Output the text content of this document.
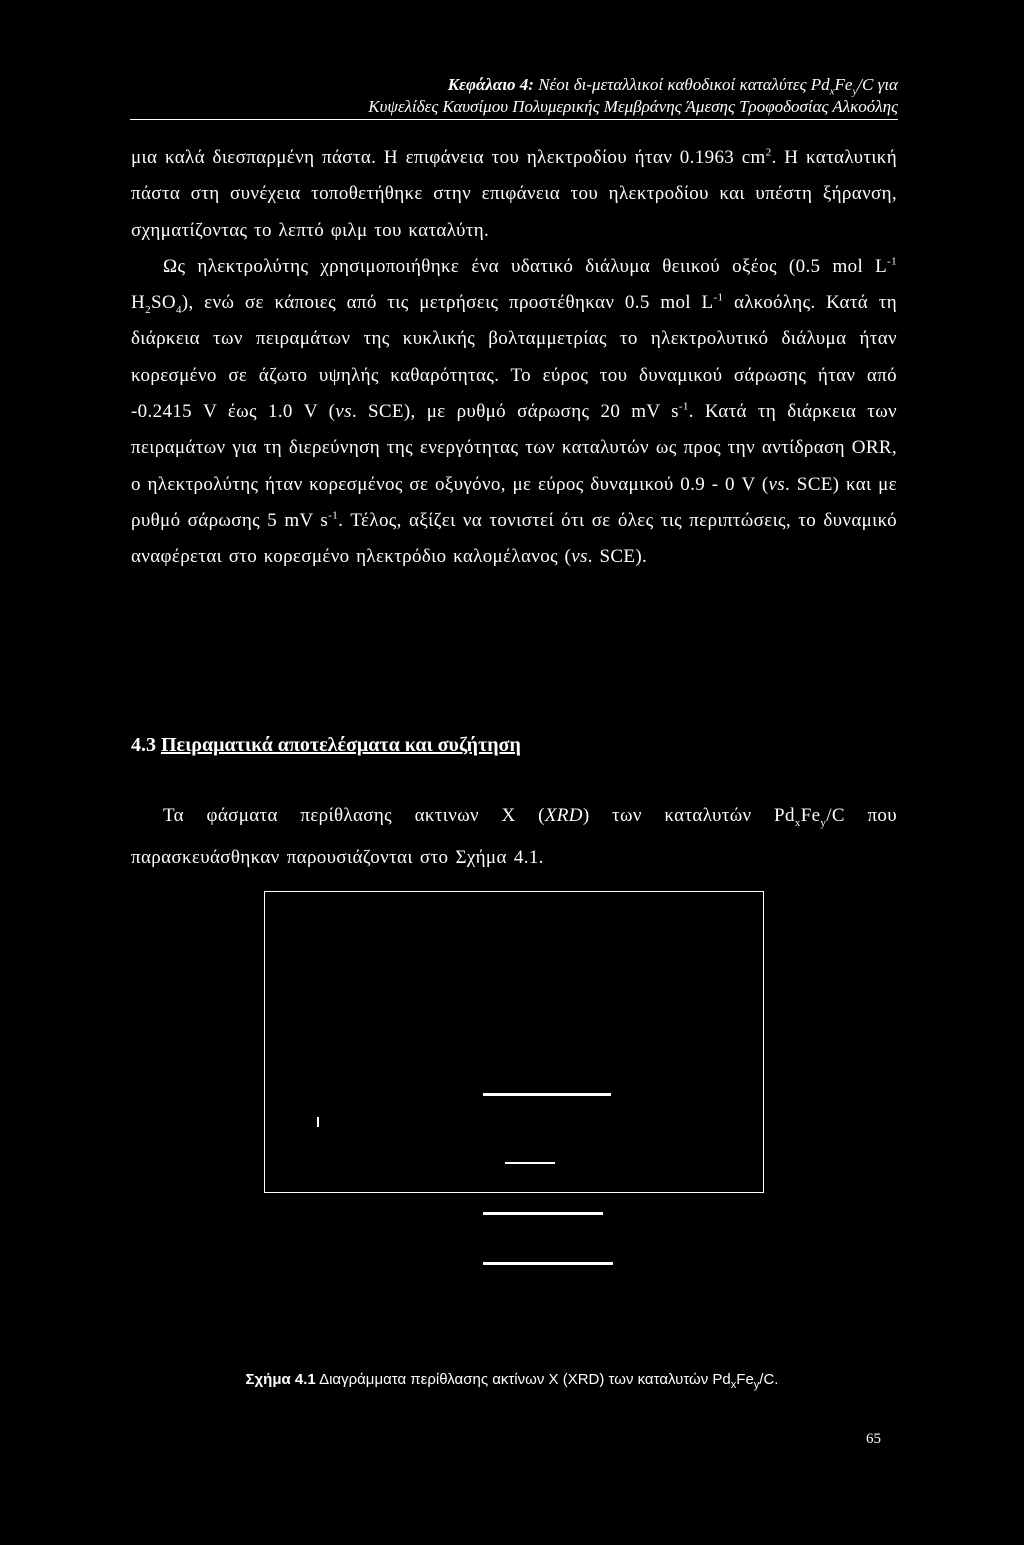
Κεφάλαιο 4: Νέοι δι-μεταλλικοί καθοδικοί καταλύτες $Pd_xFe_y/C$ για
Κυψελίδες Καυσίμου Πολυμερικής Μεμβράνης Άμεσης Τροφοδοσίας Αλκοόλης

μια καλά διεσπαρμένη πάστα. Η επιφάνεια του ηλεκτροδίου ήταν 0.1963 $cm^2$. Η καταλυτική πάστα στη συνέχεια τοποθετήθηκε στην επιφάνεια του ηλεκτροδίου και υπέστη ξήρανση, σχηματίζοντας το λεπτό φιλμ του καταλύτη.

Ως ηλεκτρολύτης χρησιμοποιήθηκε ένα υδατικό διάλυμα θειικού οξέος (0.5 mol $L^{-1}$ $H_2SO_4$), ενώ σε κάποιες από τις μετρήσεις προστέθηκαν 0.5 mol $L^{-1}$ αλκοόλης. Κατά τη διάρκεια των πειραμάτων της κυκλικής βολταμμετρίας το ηλεκτρολυτικό διάλυμα ήταν κορεσμένο σε άζωτο υψηλής καθαρότητας. Το εύρος του δυναμικού σάρωσης ήταν από -0.2415 V έως 1.0 V (vs. SCE), με ρυθμό σάρωσης 20 mV $s^{-1}$. Κατά τη διάρκεια των πειραμάτων για τη διερεύνηση της ενεργότητας των καταλυτών ως προς την αντίδραση ORR, ο ηλεκτρολύτης ήταν κορεσμένος σε οξυγόνο, με εύρος δυναμικού 0.9 - 0 V (vs. SCE) και με ρυθμό σάρωσης 5 mV $s^{-1}$. Τέλος, αξίζει να τονιστεί ότι σε όλες τις περιπτώσεις, το δυναμικό αναφέρεται στο κορεσμένο ηλεκτρόδιο καλομέλανος (vs. SCE).

4.3 Πειραματικά αποτελέσματα και συζήτηση

Τα φάσματα περίθλασης ακτινων Χ (XRD) των καταλυτών $Pd_xFe_y/C$ που παρασκευάσθηκαν παρουσιάζονται στο Σχήμα 4.1.

Σχήμα 4.1 Διαγράμματα περίθλασης ακτίνων Χ (XRD) των καταλυτών $Pd_xFe_y/C$.
65
